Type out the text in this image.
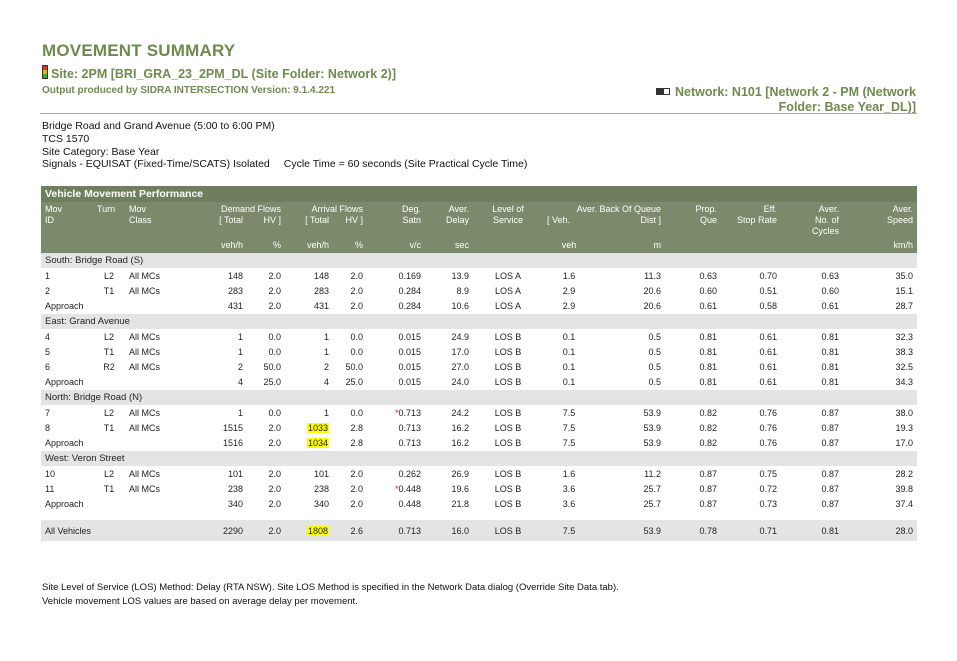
MOVEMENT SUMMARY
Site: 2PM [BRI_GRA_23_2PM_DL (Site Folder: Network 2)]
Output produced by SIDRA INTERSECTION Version: 9.1.4.221	Network: N101 [Network 2 - PM (Network
Folder: Base Year_DL)]
Bridge Road and Grand Avenue (5:00 to 6:00 PM)
TCS 1570
Site Category: Base Year
Signals - EQUISAT (Fixed-Time/SCATS) Isolated Cycle Time = 60 seconds (Site Practical Cycle Time)
Vehicle Movement Performance															
Mov	Turn	Mov	Demand Flows		Arrival Flows		Deg.	Aver.	Level of	Aver. Back Of Queue		Prop.	Eff.	Aver.	Aver.
ID		Class	[ Total	HV ]	[ Total	HV ]	Satn	Delay	Service	[ Veh.	Dist ]	Que	Stop Rate	No. of	Speed
														Cycles	
			veh/h	%	veh/h	%	v/c	sec		veh	m				km/h
South: Bridge Road (S)															
1	L2	All MCs	148	2.0	148	2.0	0.169	13.9	LOS A	1.6	11.3	0.63	0.70	0.63	35.0
2	T1	All MCs	283	2.0	283	2.0	0.284	8.9	LOS A	2.9	20.6	0.60	0.51	0.60	15.1
Approach			431	2.0	431	2.0	0.284	10.6	LOS A	2.9	20.6	0.61	0.58	0.61	28.7
East: Grand Avenue															
4	L2	All MCs	1	0.0	1	0.0	0.015	24.9	LOS B	0.1	0.5	0.81	0.61	0.81	32.3
5	T1	All MCs	1	0.0	1	0.0	0.015	17.0	LOS B	0.1	0.5	0.81	0.61	0.81	38.3
6	R2	All MCs	2	50.0	2	50.0	0.015	27.0	LOS B	0.1	0.5	0.81	0.61	0.81	32.5
Approach			4	25.0	4	25.0	0.015	24.0	LOS B	0.1	0.5	0.81	0.61	0.81	34.3
North: Bridge Road (N)															
7	L2	All MCs	1	0.0	1	0.0	*0.713	24.2	LOS B	7.5	53.9	0.82	0.76	0.87	38.0
8	T1	All MCs	1515	2.0	1033	2.8	0.713	16.2	LOS B	7.5	53.9	0.82	0.76	0.87	19.3
Approach			1516	2.0	1034	2.8	0.713	16.2	LOS B	7.5	53.9	0.82	0.76	0.87	17.0
West: Veron Street															
10	L2	All MCs	101	2.0	101	2.0	0.262	26.9	LOS B	1.6	11.2	0.87	0.75	0.87	28.2
11	T1	All MCs	238	2.0	238	2.0	*0.448	19.6	LOS B	3.6	25.7	0.87	0.72	0.87	39.8
Approach			340	2.0	340	2.0	0.448	21.8	LOS B	3.6	25.7	0.87	0.73	0.87	37.4

All Vehicles			2290	2.0	1808	2.6	0.713	16.0	LOS B	7.5	53.9	0.78	0.71	0.81	28.0
Site Level of Service (LOS) Method: Delay (RTA NSW). Site LOS Method is specified in the Network Data dialog (Override Site Data tab).
Vehicle movement LOS values are based on average delay per movement.
